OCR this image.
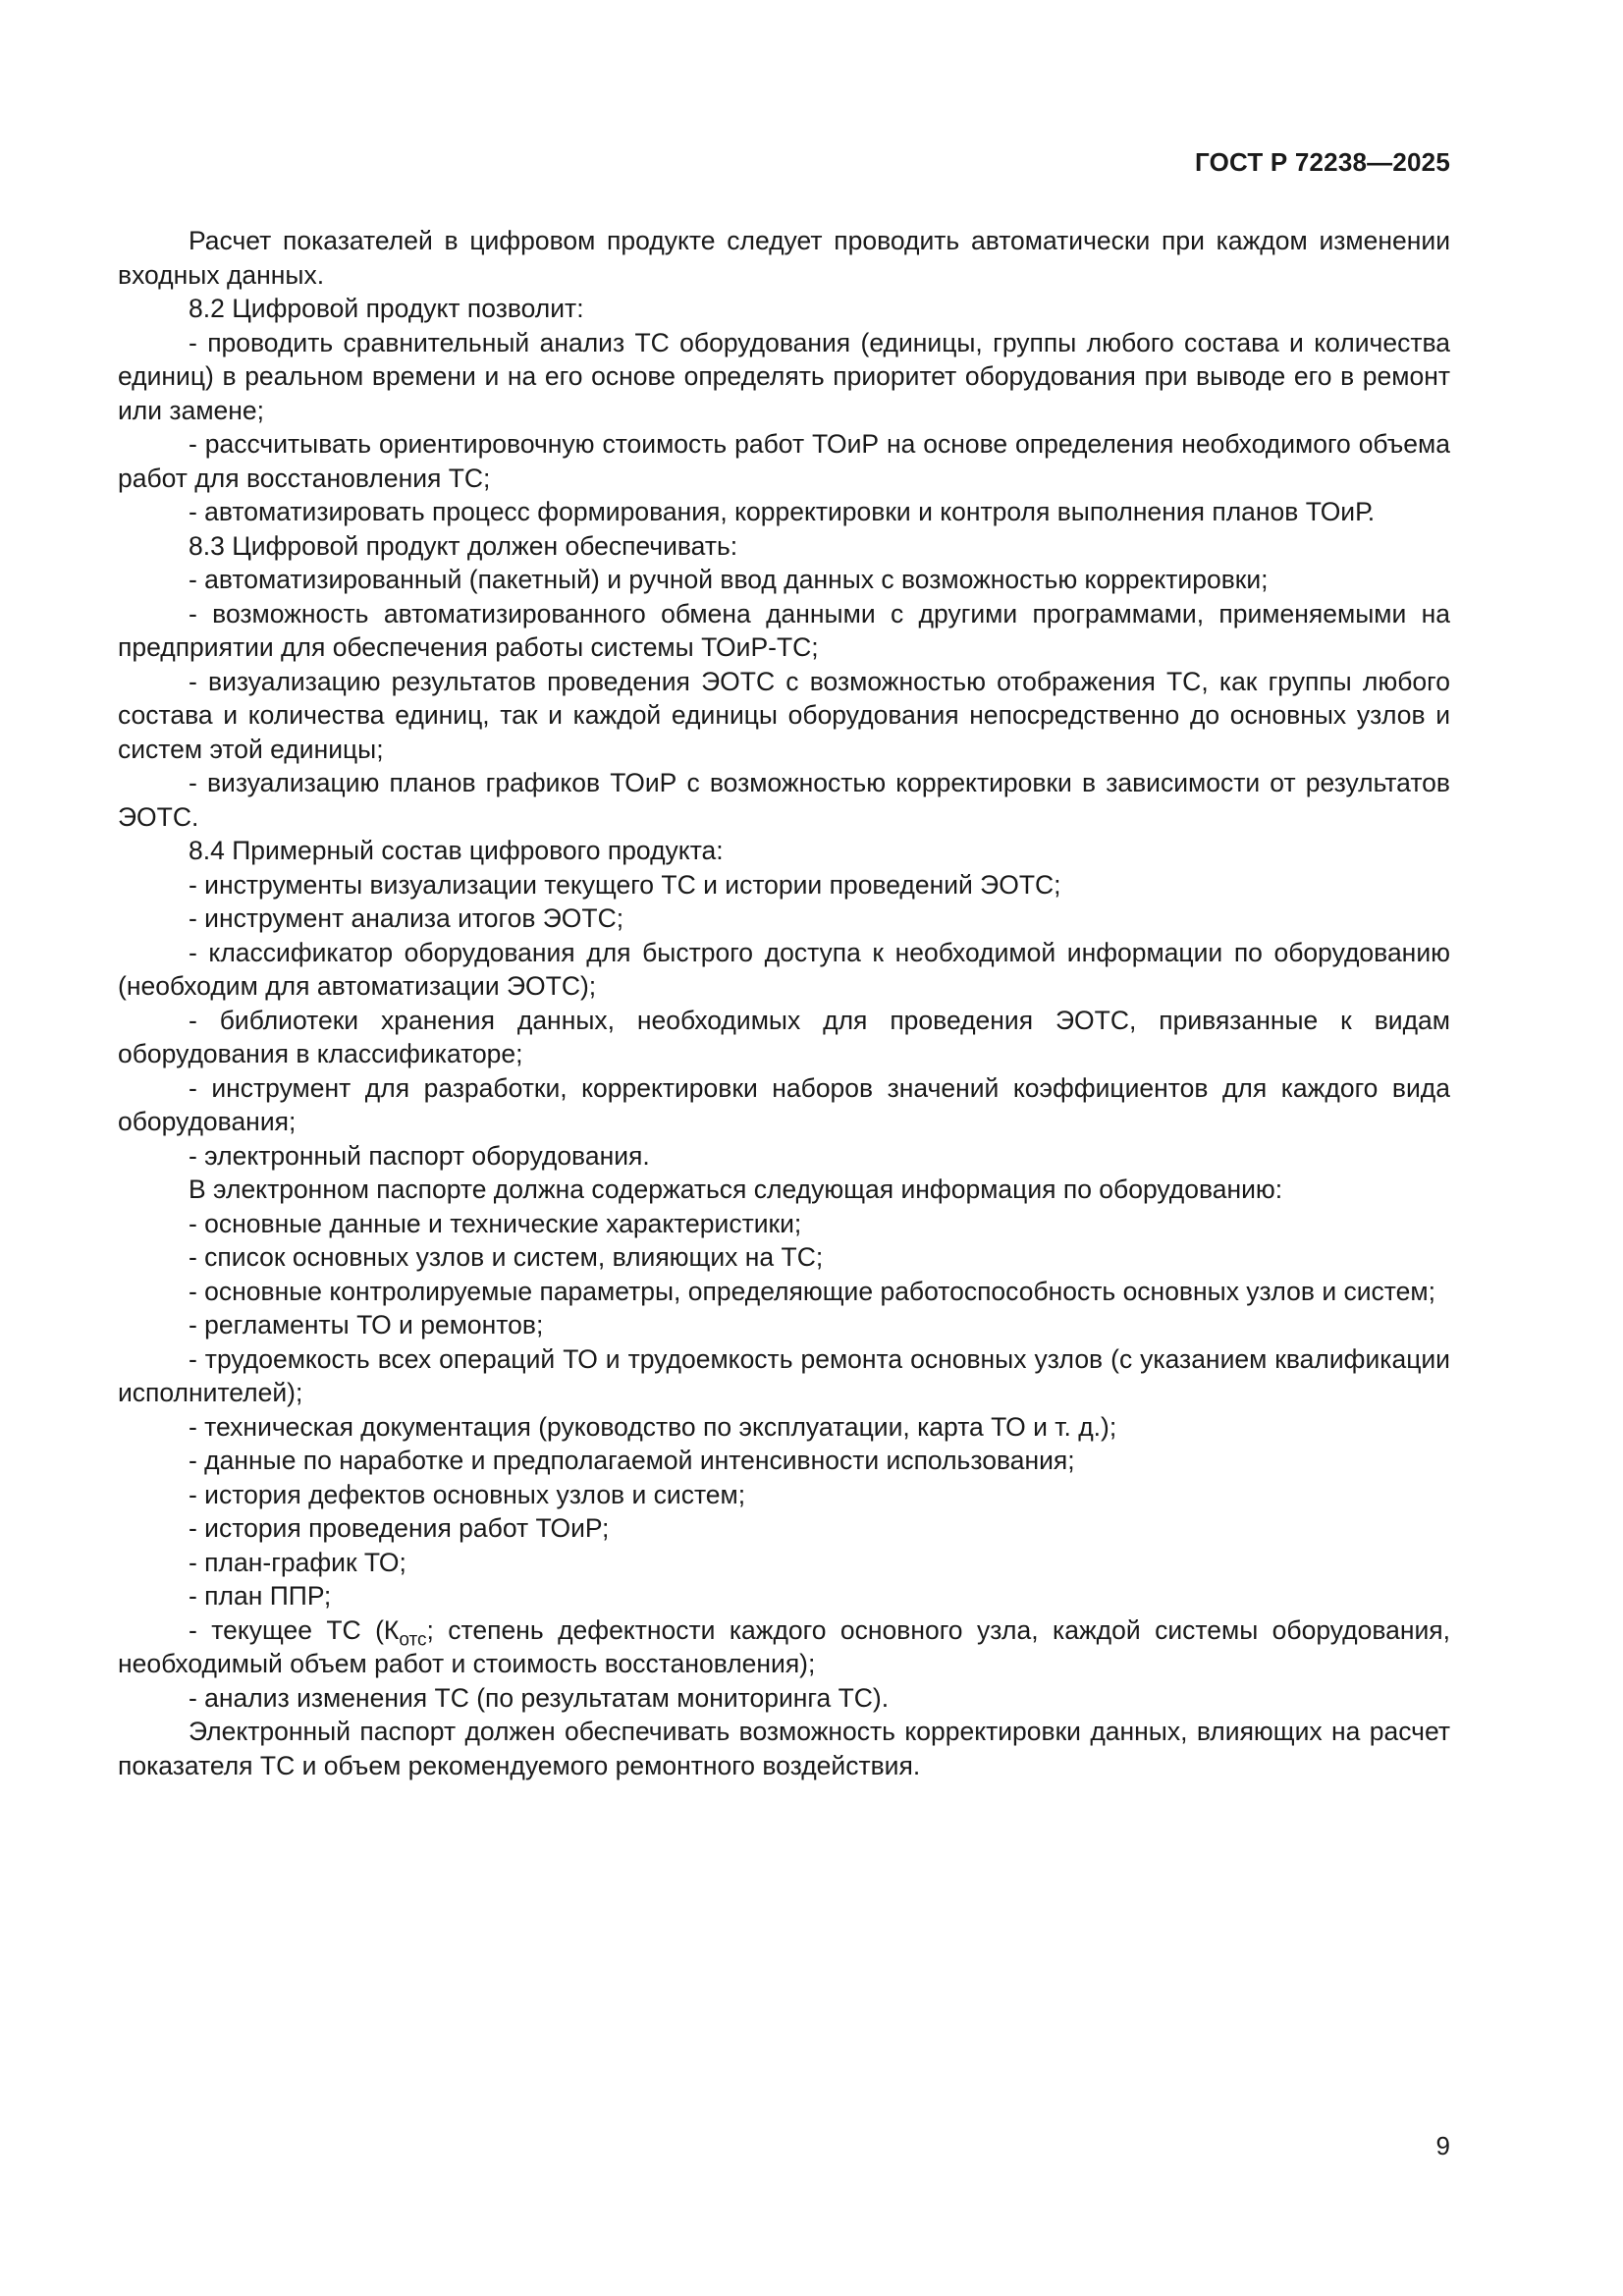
ГОСТ Р 72238—2025

Расчет показателей в цифровом продукте следует проводить автоматически при каждом изменении входных данных.

8.2 Цифровой продукт позволит:

- проводить сравнительный анализ ТС оборудования (единицы, группы любого состава и количества единиц) в реальном времени и на его основе определять приоритет оборудования при выводе его в ремонт или замене;

- рассчитывать ориентировочную стоимость работ ТОиР на основе определения необходимого объема работ для восстановления ТС;

- автоматизировать процесс формирования, корректировки и контроля выполнения планов ТОиР.

8.3 Цифровой продукт должен обеспечивать:

- автоматизированный (пакетный) и ручной ввод данных с возможностью корректировки;

- возможность автоматизированного обмена данными с другими программами, применяемыми на предприятии для обеспечения работы системы ТОиР-ТС;

- визуализацию результатов проведения ЭОТС с возможностью отображения ТС, как группы любого состава и количества единиц, так и каждой единицы оборудования непосредственно до основных узлов и систем этой единицы;

- визуализацию планов графиков ТОиР с возможностью корректировки в зависимости от результатов ЭОТС.

8.4 Примерный состав цифрового продукта:

- инструменты визуализации текущего ТС и истории проведений ЭОТС;

- инструмент анализа итогов ЭОТС;

- классификатор оборудования для быстрого доступа к необходимой информации по оборудованию (необходим для автоматизации ЭОТС);

- библиотеки хранения данных, необходимых для проведения ЭОТС, привязанные к видам оборудования в классификаторе;

- инструмент для разработки, корректировки наборов значений коэффициентов для каждого вида оборудования;

- электронный паспорт оборудования.

В электронном паспорте должна содержаться следующая информация по оборудованию:

- основные данные и технические характеристики;

- список основных узлов и систем, влияющих на ТС;

- основные контролируемые параметры, определяющие работоспособность основных узлов и систем;

- регламенты ТО и ремонтов;

- трудоемкость всех операций ТО и трудоемкость ремонта основных узлов (с указанием квалификации исполнителей);

- техническая документация (руководство по эксплуатации, карта ТО и т. д.);

- данные по наработке и предполагаемой интенсивности использования;

- история дефектов основных узлов и систем;

- история проведения работ ТОиР;

- план-график ТО;

- план ППР;

- текущее ТС ($К_{отс}$; степень дефектности каждого основного узла, каждой системы оборудования, необходимый объем работ и стоимость восстановления);

- анализ изменения ТС (по результатам мониторинга ТС).

Электронный паспорт должен обеспечивать возможность корректировки данных, влияющих на расчет показателя ТС и объем рекомендуемого ремонтного воздействия.

9
